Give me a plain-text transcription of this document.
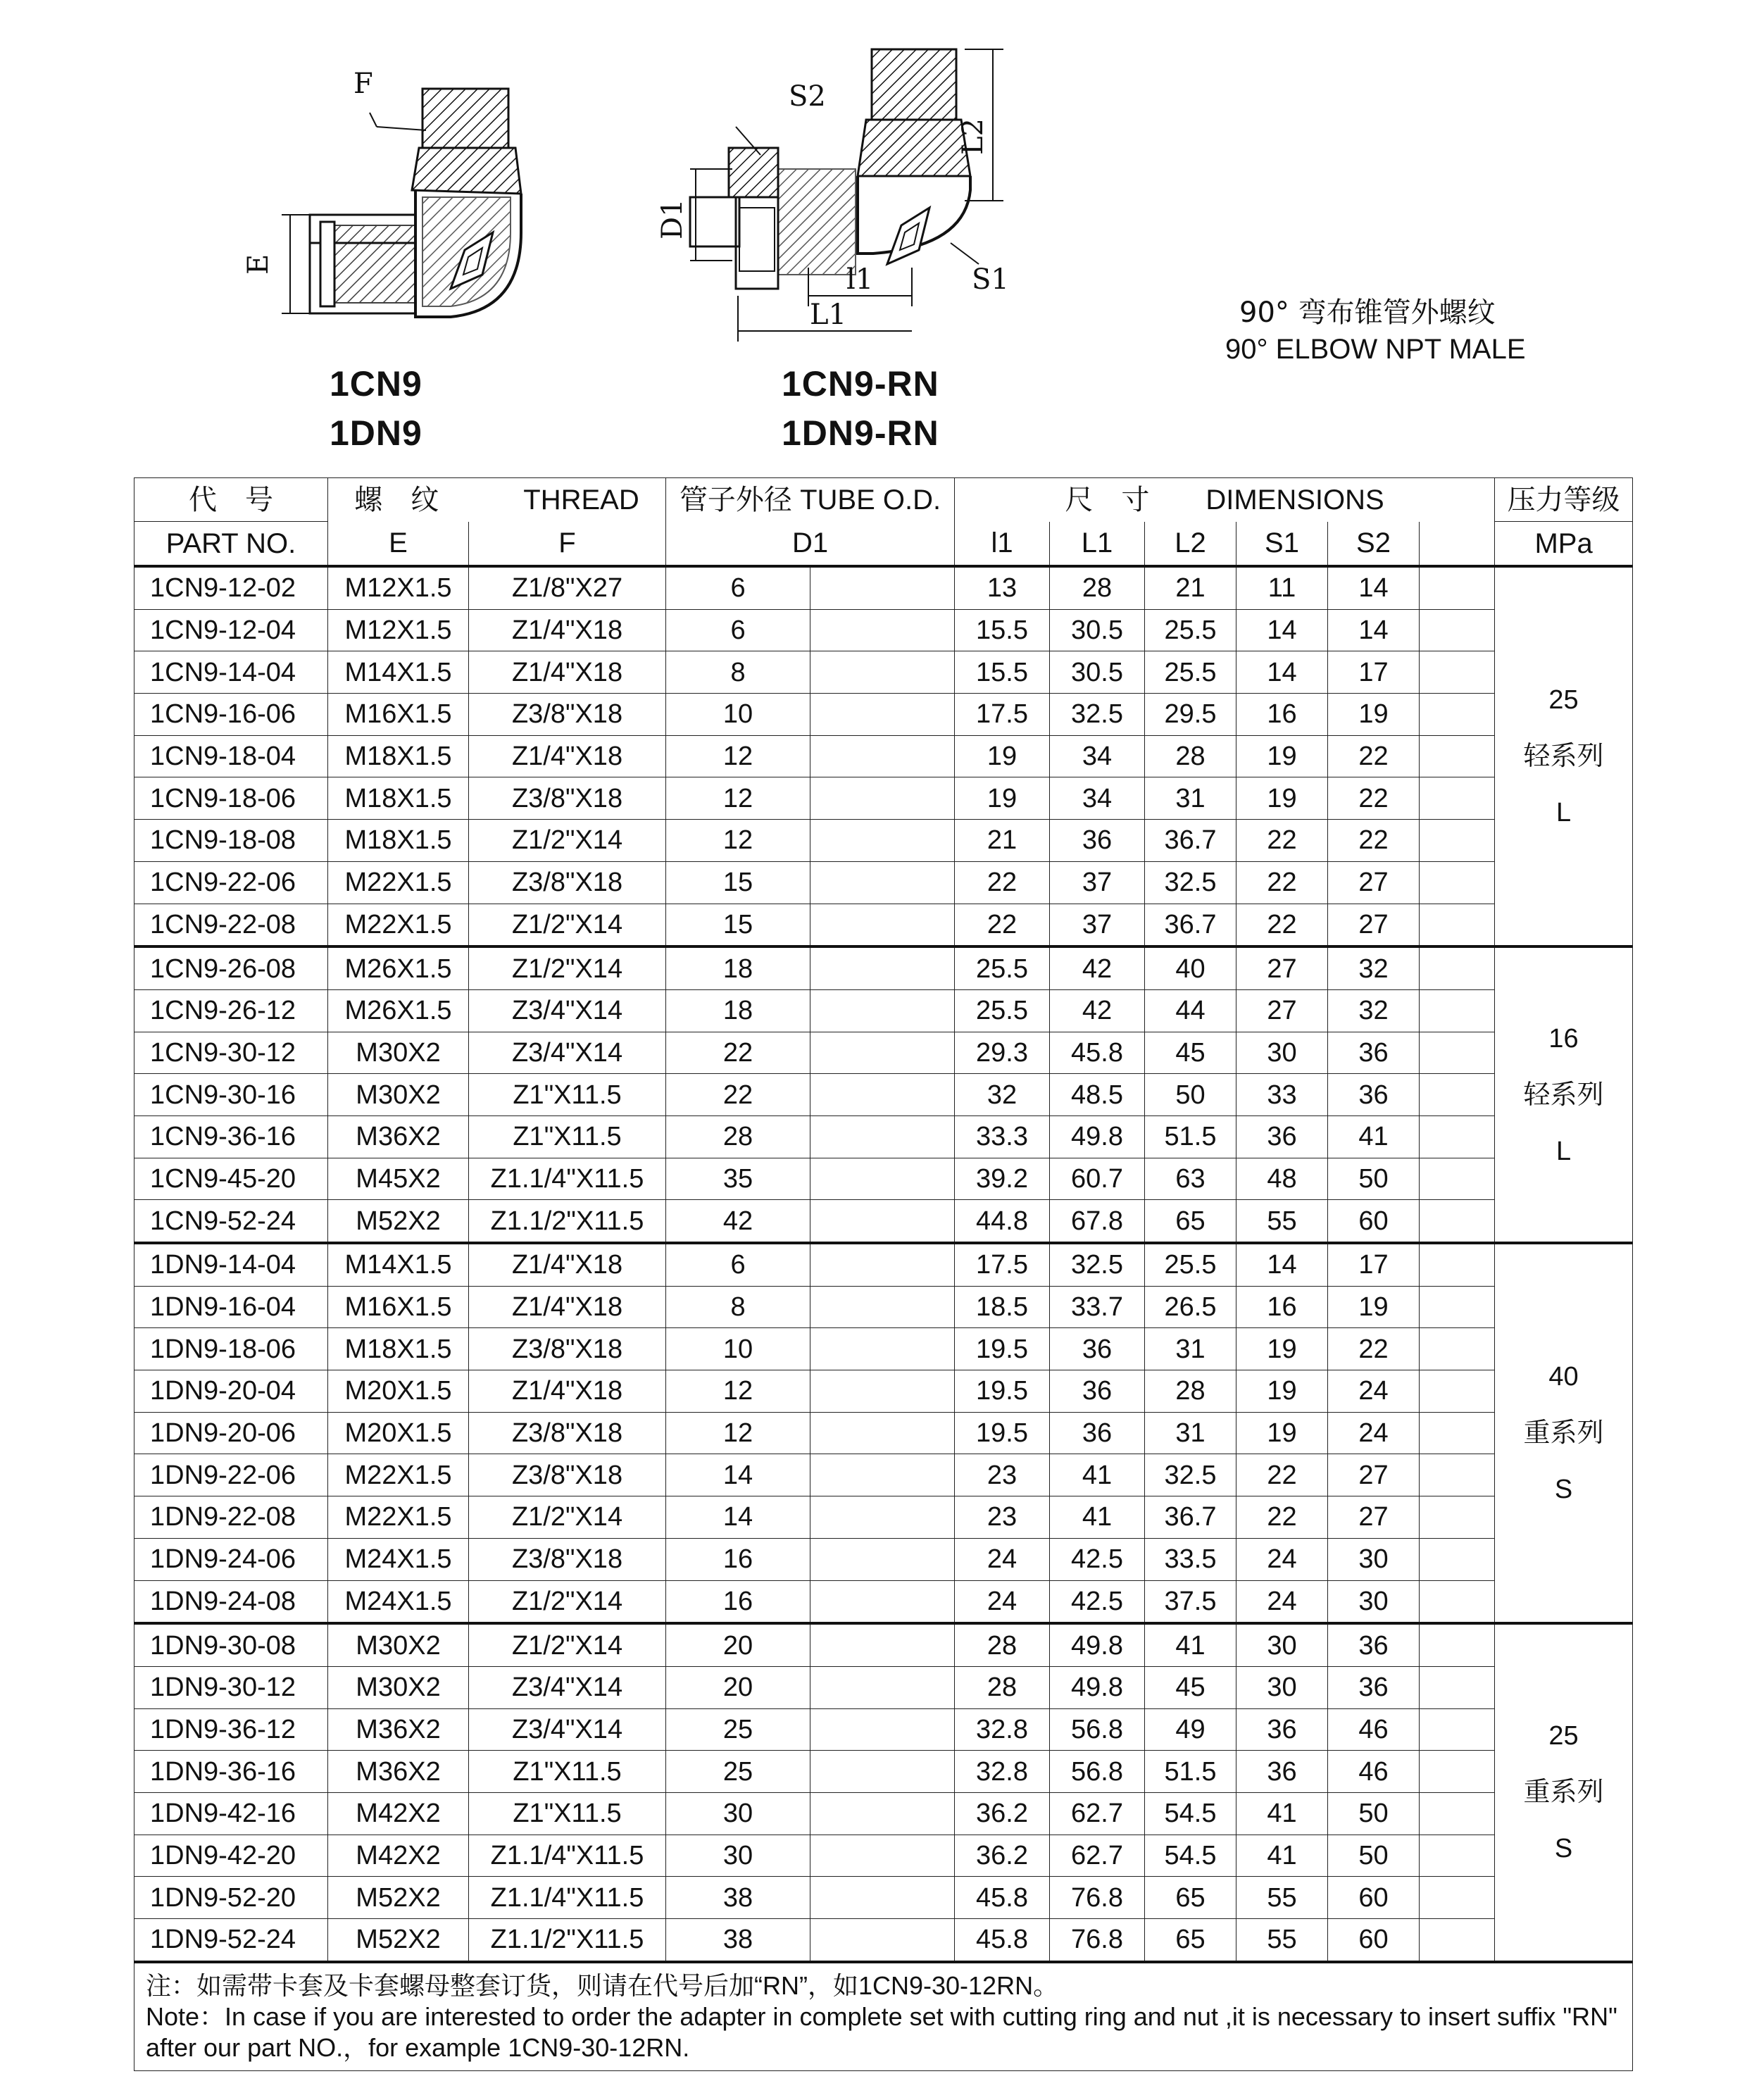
F
E
1CN9
1DN9
L2
D1
S2
S1
l1
L1
1CN9-RN
1DN9-RN
90° 弯布锥管外螺纹
90° ELBOW NPT MALE
代　号	螺　纹　　　 THREAD		管子外径 TUBE O.D.		尺　寸　　 DIMENSIONS						压力等级
PART NO.	E	F	D1		l1	L1	L2	S1	S2		MPa
1CN9-12-02	M12X1.5	Z1/8"X27	6		13	28	21	11	14		25
轻系列
L

1CN9-12-04	M12X1.5	Z1/4"X18	6		15.5	30.5	25.5	14	14		
1CN9-14-04	M14X1.5	Z1/4"X18	8		15.5	30.5	25.5	14	17		
1CN9-16-06	M16X1.5	Z3/8"X18	10		17.5	32.5	29.5	16	19		
1CN9-18-04	M18X1.5	Z1/4"X18	12		19	34	28	19	22		
1CN9-18-06	M18X1.5	Z3/8"X18	12		19	34	31	19	22		
1CN9-18-08	M18X1.5	Z1/2"X14	12		21	36	36.7	22	22		
1CN9-22-06	M22X1.5	Z3/8"X18	15		22	37	32.5	22	27		
1CN9-22-08	M22X1.5	Z1/2"X14	15		22	37	36.7	22	27		
1CN9-26-08	M26X1.5	Z1/2"X14	18		25.5	42	40	27	32		16
轻系列
L

1CN9-26-12	M26X1.5	Z3/4"X14	18		25.5	42	44	27	32		
1CN9-30-12	M30X2	Z3/4"X14	22		29.3	45.8	45	30	36		
1CN9-30-16	M30X2	Z1"X11.5	22		32	48.5	50	33	36		
1CN9-36-16	M36X2	Z1"X11.5	28		33.3	49.8	51.5	36	41		
1CN9-45-20	M45X2	Z1.1/4"X11.5	35		39.2	60.7	63	48	50		
1CN9-52-24	M52X2	Z1.1/2"X11.5	42		44.8	67.8	65	55	60		
1DN9-14-04	M14X1.5	Z1/4"X18	6		17.5	32.5	25.5	14	17		40
重系列
S

1DN9-16-04	M16X1.5	Z1/4"X18	8		18.5	33.7	26.5	16	19		
1DN9-18-06	M18X1.5	Z3/8"X18	10		19.5	36	31	19	22		
1DN9-20-04	M20X1.5	Z1/4"X18	12		19.5	36	28	19	24		
1DN9-20-06	M20X1.5	Z3/8"X18	12		19.5	36	31	19	24		
1DN9-22-06	M22X1.5	Z3/8"X18	14		23	41	32.5	22	27		
1DN9-22-08	M22X1.5	Z1/2"X14	14		23	41	36.7	22	27		
1DN9-24-06	M24X1.5	Z3/8"X18	16		24	42.5	33.5	24	30		
1DN9-24-08	M24X1.5	Z1/2"X14	16		24	42.5	37.5	24	30		
1DN9-30-08	M30X2	Z1/2"X14	20		28	49.8	41	30	36		25
重系列
S

1DN9-30-12	M30X2	Z3/4"X14	20		28	49.8	45	30	36		
1DN9-36-12	M36X2	Z3/4"X14	25		32.8	56.8	49	36	46		
1DN9-36-16	M36X2	Z1"X11.5	25		32.8	56.8	51.5	36	46		
1DN9-42-16	M42X2	Z1"X11.5	30		36.2	62.7	54.5	41	50		
1DN9-42-20	M42X2	Z1.1/4"X11.5	30		36.2	62.7	54.5	41	50		
1DN9-52-20	M52X2	Z1.1/4"X11.5	38		45.8	76.8	65	55	60		
1DN9-52-24	M52X2	Z1.1/2"X11.5	38		45.8	76.8	65	55	60		

注：如需带卡套及卡套螺母整套订货，则请在代号后加“RN”，如1CN9-30-12RN。
Note：In case if you are interested to order the adapter in complete set with cutting ring and nut ,it is necessary to insert suffix "RN" after our part NO.，for example 1CN9-30-12RN.											
